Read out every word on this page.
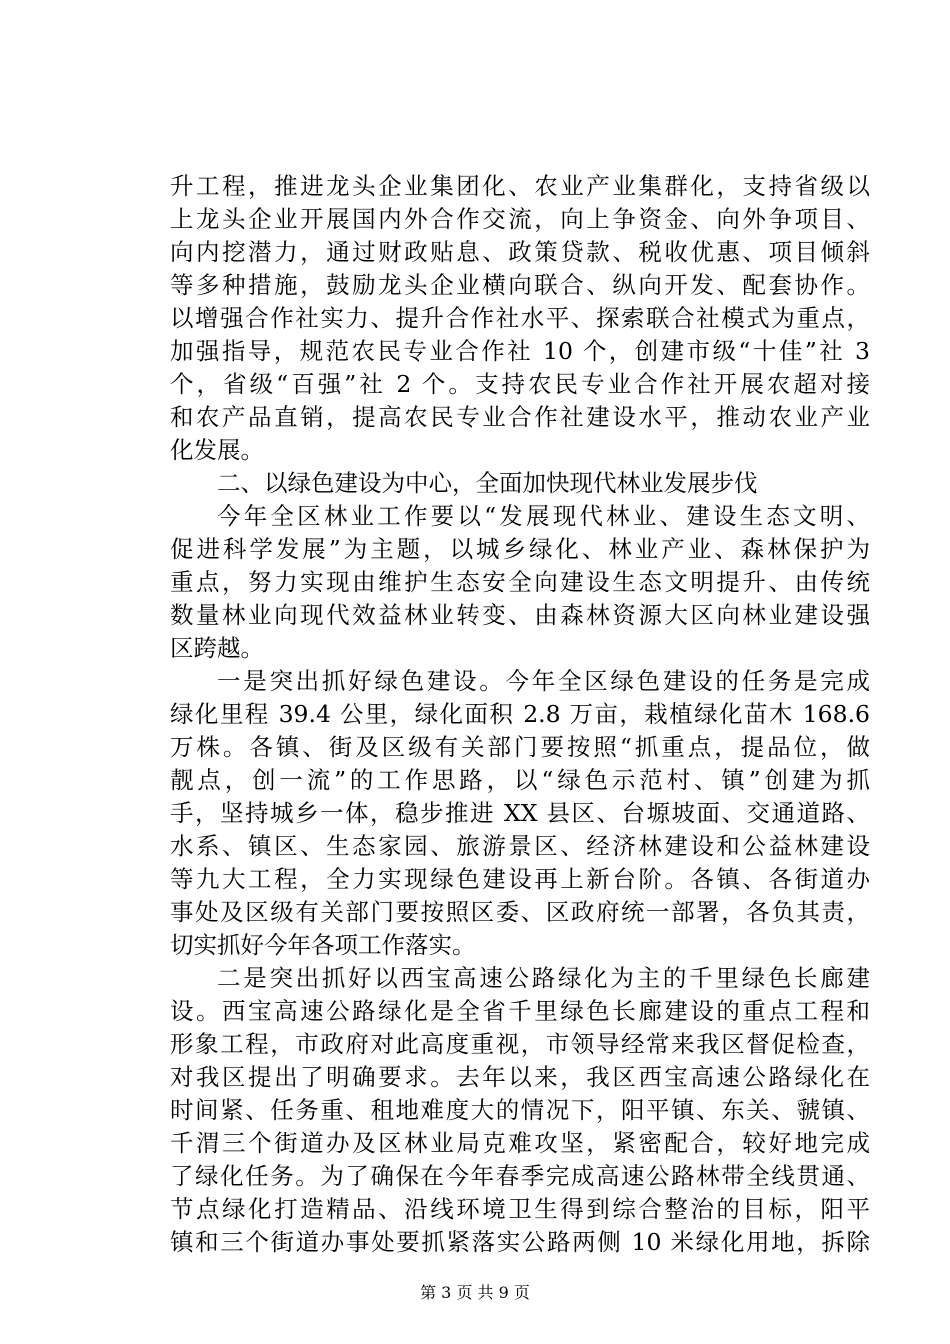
升工程，推进龙头企业集团化、农业产业集群化，支持省级以
上龙头企业开展国内外合作交流，向上争资金、向外争项目、
向内挖潜力，通过财政贴息、政策贷款、税收优惠、项目倾斜
等多种措施，鼓励龙头企业横向联合、纵向开发、配套协作。
以增强合作社实力、提升合作社水平、探索联合社模式为重点，
加强指导，规范农民专业合作社 10 个，创建市级“十佳”社 3
个，省级“百强”社 2 个。支持农民专业合作社开展农超对接
和农产品直销，提高农民专业合作社建设水平，推动农业产业
化发展。
二、以绿色建设为中心，全面加快现代林业发展步伐
今年全区林业工作要以“发展现代林业、建设生态文明、
促进科学发展”为主题，以城乡绿化、林业产业、森林保护为
重点，努力实现由维护生态安全向建设生态文明提升、由传统
数量林业向现代效益林业转变、由森林资源大区向林业建设强
区跨越。
一是突出抓好绿色建设。今年全区绿色建设的任务是完成
绿化里程 39.4 公里，绿化面积 2.8 万亩，栽植绿化苗木 168.6
万株。各镇、街及区级有关部门要按照“抓重点，提品位，做
靓点，创一流”的工作思路，以“绿色示范村、镇”创建为抓
手，坚持城乡一体，稳步推进 XX 县区、台塬坡面、交通道路、
水系、镇区、生态家园、旅游景区、经济林建设和公益林建设
等九大工程，全力实现绿色建设再上新台阶。各镇、各街道办
事处及区级有关部门要按照区委、区政府统一部署，各负其责，
切实抓好今年各项工作落实。
二是突出抓好以西宝高速公路绿化为主的千里绿色长廊建
设。西宝高速公路绿化是全省千里绿色长廊建设的重点工程和
形象工程，市政府对此高度重视，市领导经常来我区督促检查，
对我区提出了明确要求。去年以来，我区西宝高速公路绿化在
时间紧、任务重、租地难度大的情况下，阳平镇、东关、虢镇、
千渭三个街道办及区林业局克难攻坚，紧密配合，较好地完成
了绿化任务。为了确保在今年春季完成高速公路林带全线贯通、
节点绿化打造精品、沿线环境卫生得到综合整治的目标，阳平
镇和三个街道办事处要抓紧落实公路两侧 10 米绿化用地，拆除
第 3 页 共 9 页
